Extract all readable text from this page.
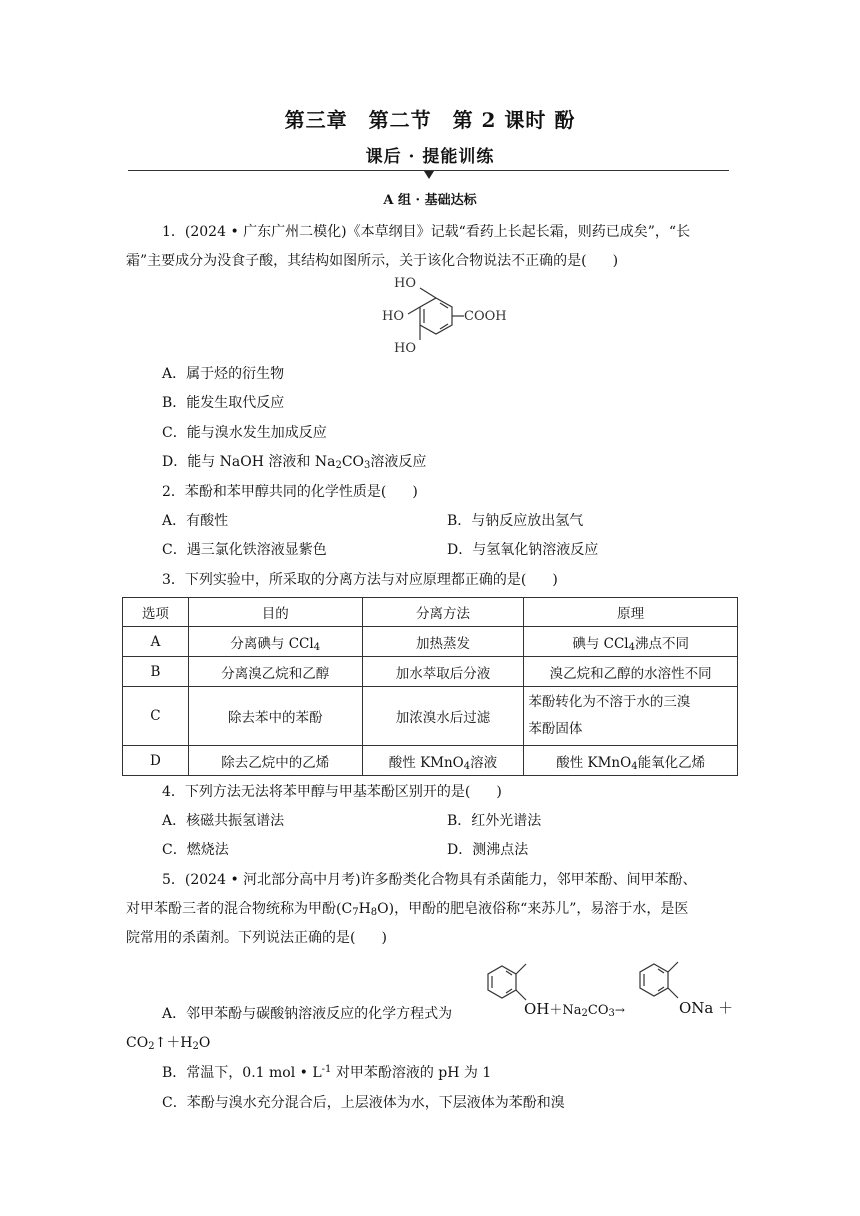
第三章　第二节　第 2 课时 酚
课后 · 提能训练
A 组 · 基础达标
1．(2024 • 广东广州二模化)《本草纲目》记载“看药上长起长霜，则药已成矣”，“长
霜”主要成分为没食子酸，其结构如图所示，关于该化合物说法不正确的是( )
HO
HO
HO
COOH
A．属于烃的衍生物
B．能发生取代反应
C．能与溴水发生加成反应
D．能与 NaOH 溶液和 $Na_2CO_3$溶液反应
2．苯酚和苯甲醇共同的化学性质是( )
A．有酸性	B．与钠反应放出氢气
C．遇三氯化铁溶液显紫色	D．与氢氧化钠溶液反应
3．下列实验中，所采取的分离方法与对应原理都正确的是( )
选项	目的	分离方法	原理
A	分离碘与 CCl$_4$	加热蒸发	碘与 CCl$_4$沸点不同
B	分离溴乙烷和乙醇	加水萃取后分液	溴乙烷和乙醇的水溶性不同
C	除去苯中的苯酚	加浓溴水后过滤	苯酚转化为不溶于水的三溴
苯酚固体
D	除去乙烷中的乙烯	酸性 KMnO$_4$溶液	酸性 KMnO$_4$能氧化乙烯
4．下列方法无法将苯甲醇与甲基苯酚区别开的是( )
A．核磁共振氢谱法	B．红外光谱法
C．燃烧法	D．测沸点法
5．(2024 • 河北部分高中月考)许多酚类化合物具有杀菌能力，邻甲苯酚、间甲苯酚、
对甲苯酚三者的混合物统称为甲酚$(C_7H_8O)$，甲酚的肥皂液俗称“来苏儿”，易溶于水，是医
院常用的杀菌剂。下列说法正确的是( )
A．邻甲苯酚与碳酸钠溶液反应的化学方程式为	$OH+Na_2CO_3\to$	ONa ＋
$CO_2↑+H_2O$
B．常温下，0.1 mol • $L^{-1}$ 对甲苯酚溶液的 pH 为 1
C．苯酚与溴水充分混合后，上层液体为水，下层液体为苯酚和溴
